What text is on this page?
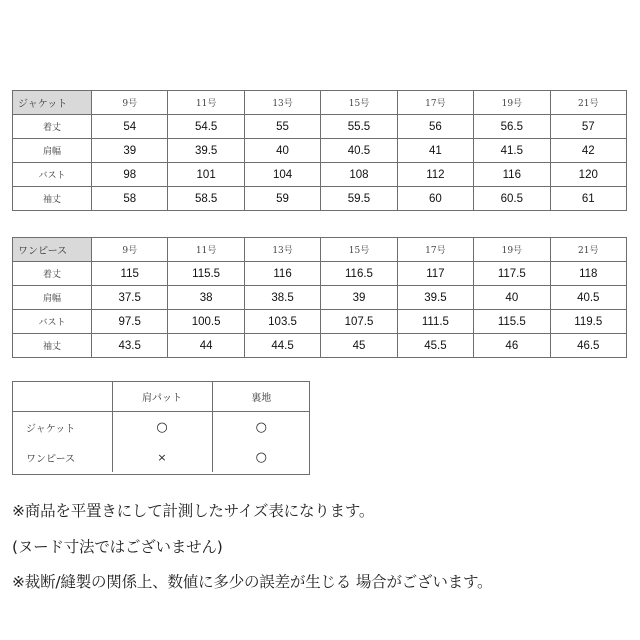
ジャケット	9号	11号	13号	15号	17号	19号	21号
着丈	54	54.5	55	55.5	56	56.5	57
肩幅	39	39.5	40	40.5	41	41.5	42
バスト	98	101	104	108	112	116	120
袖丈	58	58.5	59	59.5	60	60.5	61
ワンピース	9号	11号	13号	15号	17号	19号	21号
着丈	115	115.5	116	116.5	117	117.5	118
肩幅	37.5	38	38.5	39	39.5	40	40.5
バスト	97.5	100.5	103.5	107.5	111.5	115.5	119.5
袖丈	43.5	44	44.5	45	45.5	46	46.5
	肩パット	裏地
ジャケット	○	○
ワンピース	×	○
※商品を平置きにして計測したサイズ表になります。
(ヌード寸法ではございません)
※裁断/縫製の関係上、数値に多少の誤差が生じる 場合がございます。
